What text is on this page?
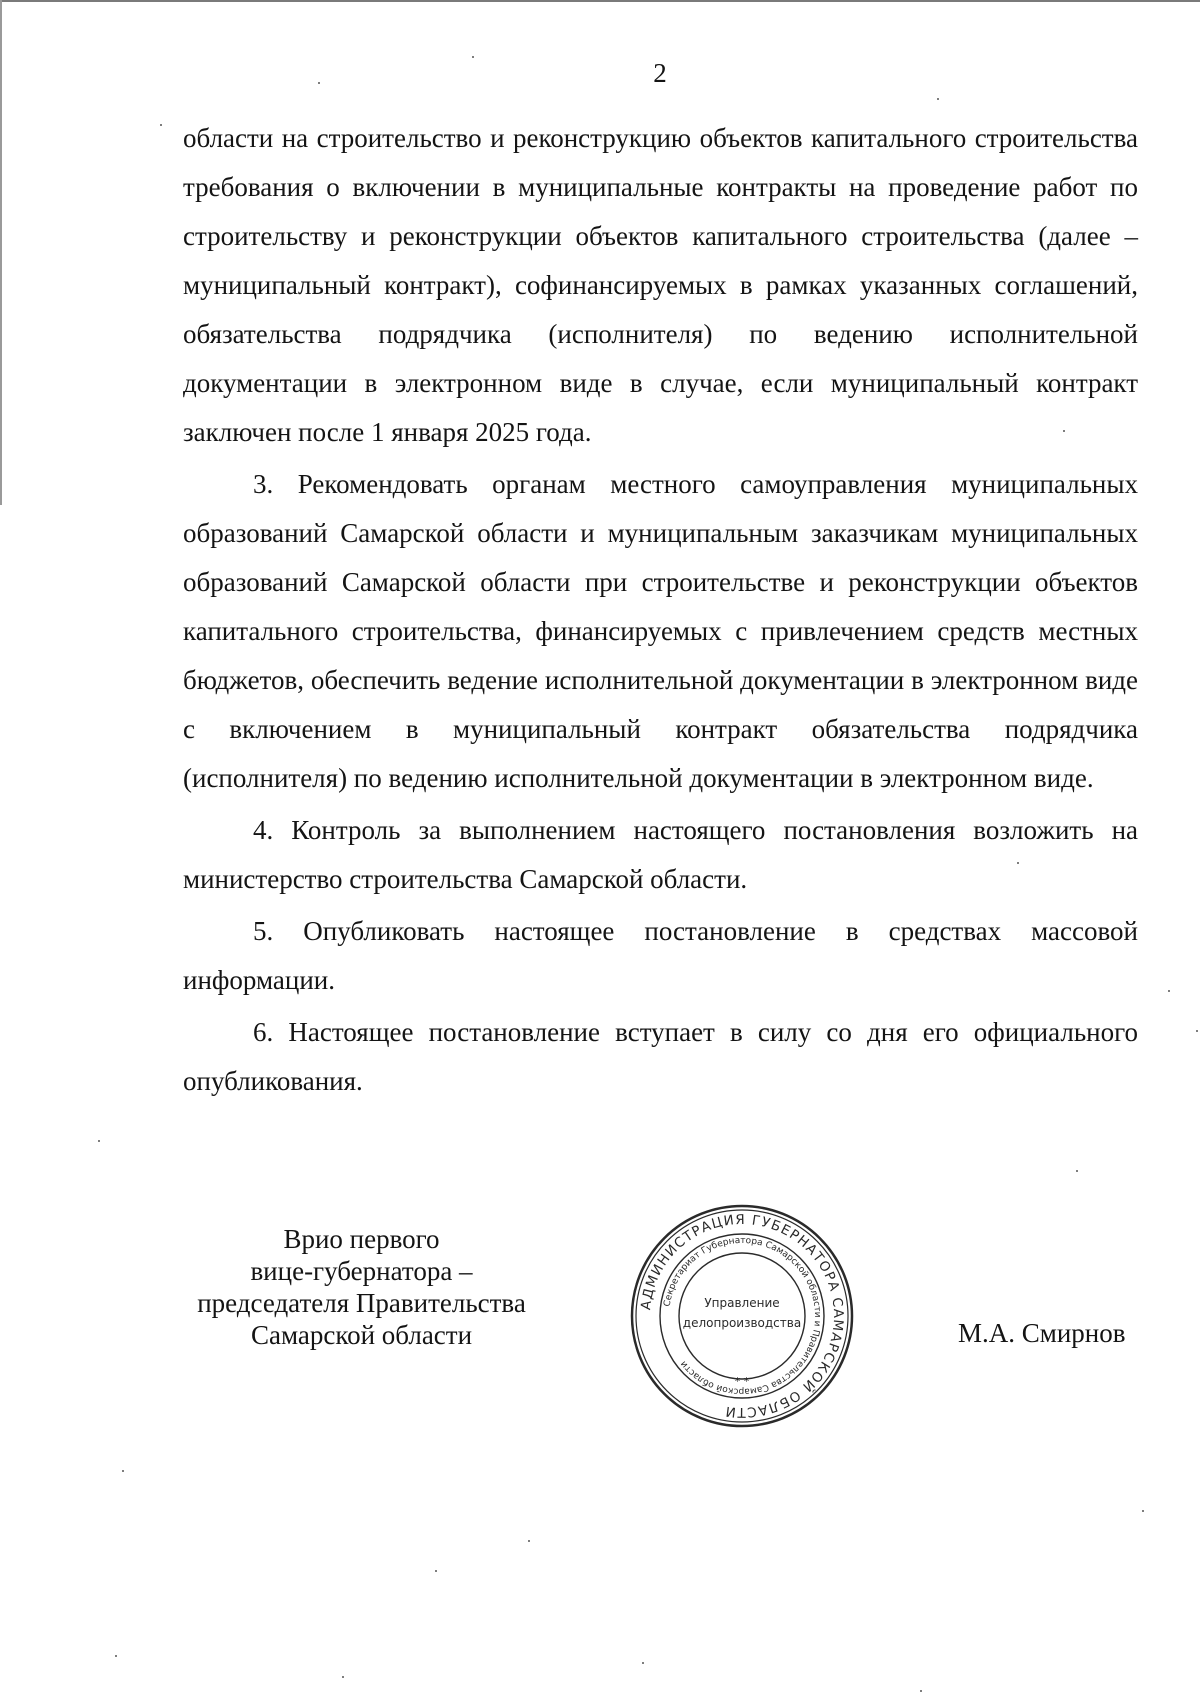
2

области на строительство и реконструкцию объектов капитального строительства требования о включении в муниципальные контракты на проведение работ по строительству и реконструкции объектов капитального строительства (далее – муниципальный контракт), софинансируемых в рамках указанных соглашений, обязательства подрядчика (исполнителя) по ведению исполнительной документации в электронном виде в случае, если муниципальный контракт заключен после 1 января 2025 года.

3. Рекомендовать органам местного самоуправления муниципальных образований Самарской области и муниципальным заказчикам муниципальных образований Самарской области при строительстве и реконструкции объектов капитального строительства, финансируемых с привлечением средств местных бюджетов, обеспечить ведение исполнительной документации в электронном виде с включением в муниципальный контракт обязательства подрядчика (исполнителя) по ведению исполнительной документации в электронном виде.

4. Контроль за выполнением настоящего постановления возложить на министерство строительства Самарской области.

5. Опубликовать настоящее постановление в средствах массовой информации.

6. Настоящее постановление вступает в силу со дня его официального опубликования.

Врио первого
вице-губернатора –
председателя Правительства
Самарской области
АДМИНИСТРАЦИЯ ГУБЕРНАТОРА САМАРСКОЙ ОБЛАСТИ
Секретариат Губернатора Самарской области и Правительства Самарской области
Управление
делопроизводства
* *
М.А. Смирнов
